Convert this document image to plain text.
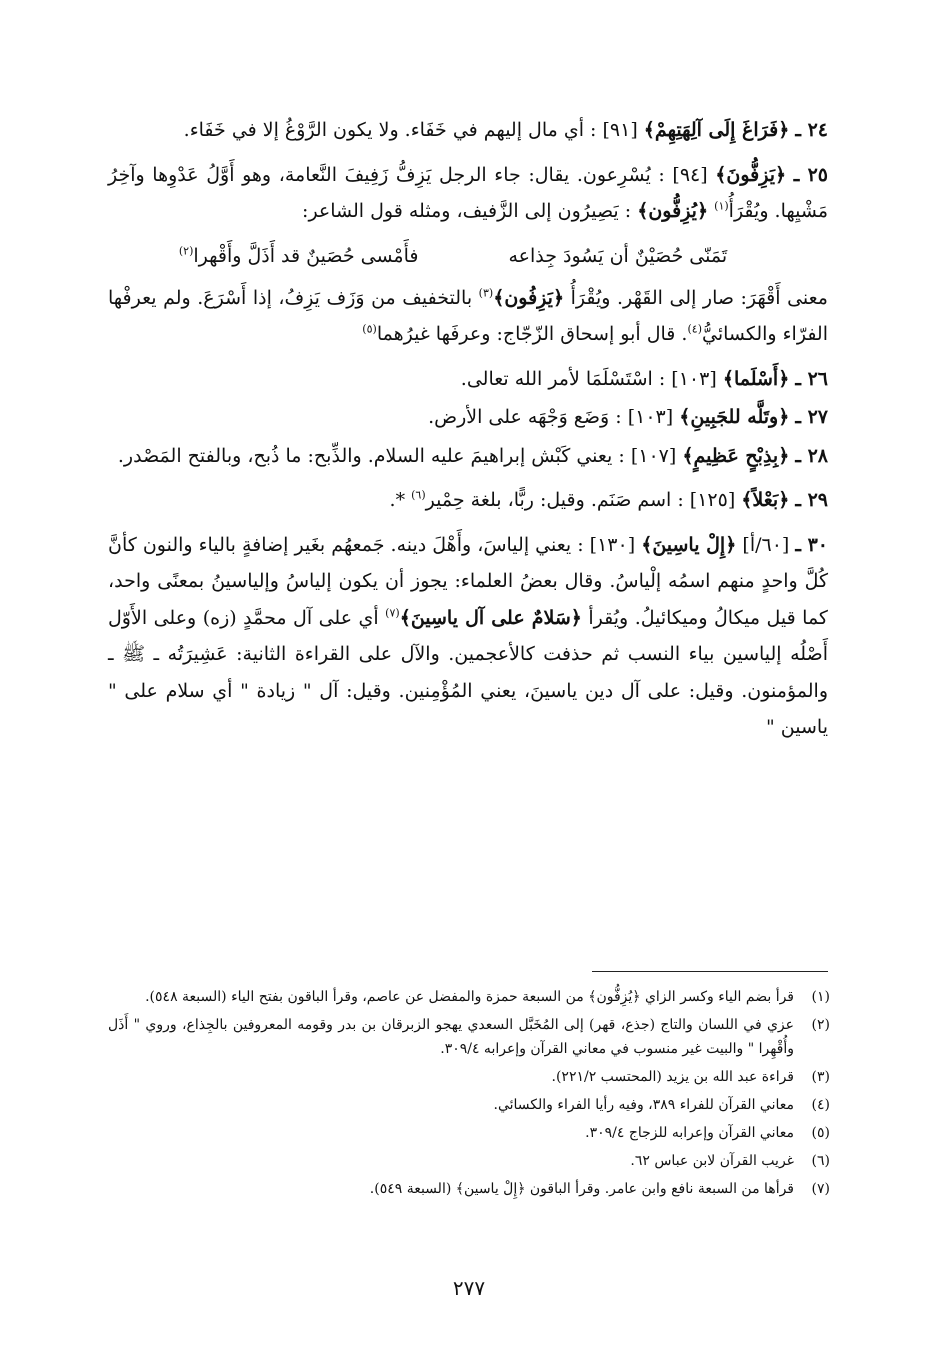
٢٤ ـ ﴿فَرَاغَ إِلَى آلِهَتِهِمْ﴾ [٩١] : أي مال إليهم في خَفَاء. ولا يكون الرَّوْغُ إلا في خَفَاء.

٢٥ ـ ﴿يَزِفُّونَ﴾ [٩٤] : يُسْرِعون. يقال: جاء الرجل يَزِفُّ زَفِيفَ النَّعامة، وهو أَوَّلُ عَدْوِها وآخِرُ مَشْيِها. ويُقْرَأُ$^{(١)}$ ﴿يُزِفُّون﴾ : يَصِيرُون إلى الزَّفيف، ومثله قول الشاعر:

تَمَنّى حُصَيْنٌ أن يَسُودَ جِذاعه
فأَمْسى حُصَينٌ قد أَذَلَّ وأَقْهرا$^{(٢)}$

معنى أَقْهَرَ: صار إلى القَهْر. ويُقْرَأُ ﴿يَزِفُون﴾$^{(٣)}$ بالتخفيف من وَزَف يَزِفُ، إذا أَسْرَعَ. ولم يعرفْها الفرّاء والكسائيُّ$^{(٤)}$. قال أبو إسحاق الزّجّاج: وعرفَها غيرُهما$^{(٥)}$

٢٦ ـ ﴿أَسْلَما﴾ [١٠٣] : اسْتَسْلَمَا لأمر الله تعالى.

٢٧ ـ ﴿وتَلَّه للجَبِينِ﴾ [١٠٣] : وَضَع وَجْهَه على الأرض.

٢٨ ـ ﴿بِذِبْحٍ عَظِيمٍ﴾ [١٠٧] : يعني كَبْش إبراهيمَ عليه السلام. والذِّبح: ما ذُبح، وبالفتح المَصْدر.

٢٩ ـ ﴿بَعْلاً﴾ [١٢٥] : اسم صَنَم. وقيل: ربًّا، بلغة حِمْير$^{(٦)}$ *.

٣٠ ـ [٦٠/أ] ﴿إِلْ ياسِينَ﴾ [١٣٠] : يعني إلياسَ، وأَهْلَ دينه. جَمعهُم بغَير إضافةٍ بالياء والنون كأنَّ كُلَّ واحدٍ منهم اسمُه إلْياسُ. وقال بعضُ العلماء: يجوز أن يكون إلياسُ وإلياسينُ بمعنًى واحد، كما قيل ميكالُ وميكائيلُ. ويُقرأ ﴿سَلامٌ على آل ياسِينَ﴾$^{(٧)}$ أي على آل محمَّدٍ (زه) وعلى الأَوّل أَصْلُه إلياسين بياء النسب ثم حذفت كالأعجمين. والآل على القراءة الثانية: عَشِيرَتُه ـ ﷺ ـ والمؤمنون. وقيل: على آل دين ياسينَ، يعني المُؤْمِنين. وقيل: آل " زيادة " أي سلام على " ياسين "

(١)
قرأ بضم الياء وكسر الزاي ﴿يُزِفُّون﴾ من السبعة حمزة والمفضل عن عاصم، وقرأ الباقون بفتح الياء (السبعة ٥٤٨).
(٢)
عزي في اللسان والتاج (جذع، قهر) إلى المُخَبَّل السعدي يهجو الزبرقان بن بدر وقومه المعروفين بالجِذاع، وروي " أَذَل وأُقْهِرا " والبيت غير منسوب في معاني القرآن وإعرابه ٣٠٩/٤.
(٣)
قراءة عبد الله بن يزيد (المحتسب ٢٢١/٢).
(٤)
معاني القرآن للفراء ٣٨٩، وفيه رأيا الفراء والكسائي.
(٥)
معاني القرآن وإعرابه للزجاج ٣٠٩/٤.
(٦)
غريب القرآن لابن عباس ٦٢.
(٧)
قرأها من السبعة نافع وابن عامر. وقرأ الباقون ﴿إِلْ ياسين﴾ (السبعة ٥٤٩).
٢٧٧
